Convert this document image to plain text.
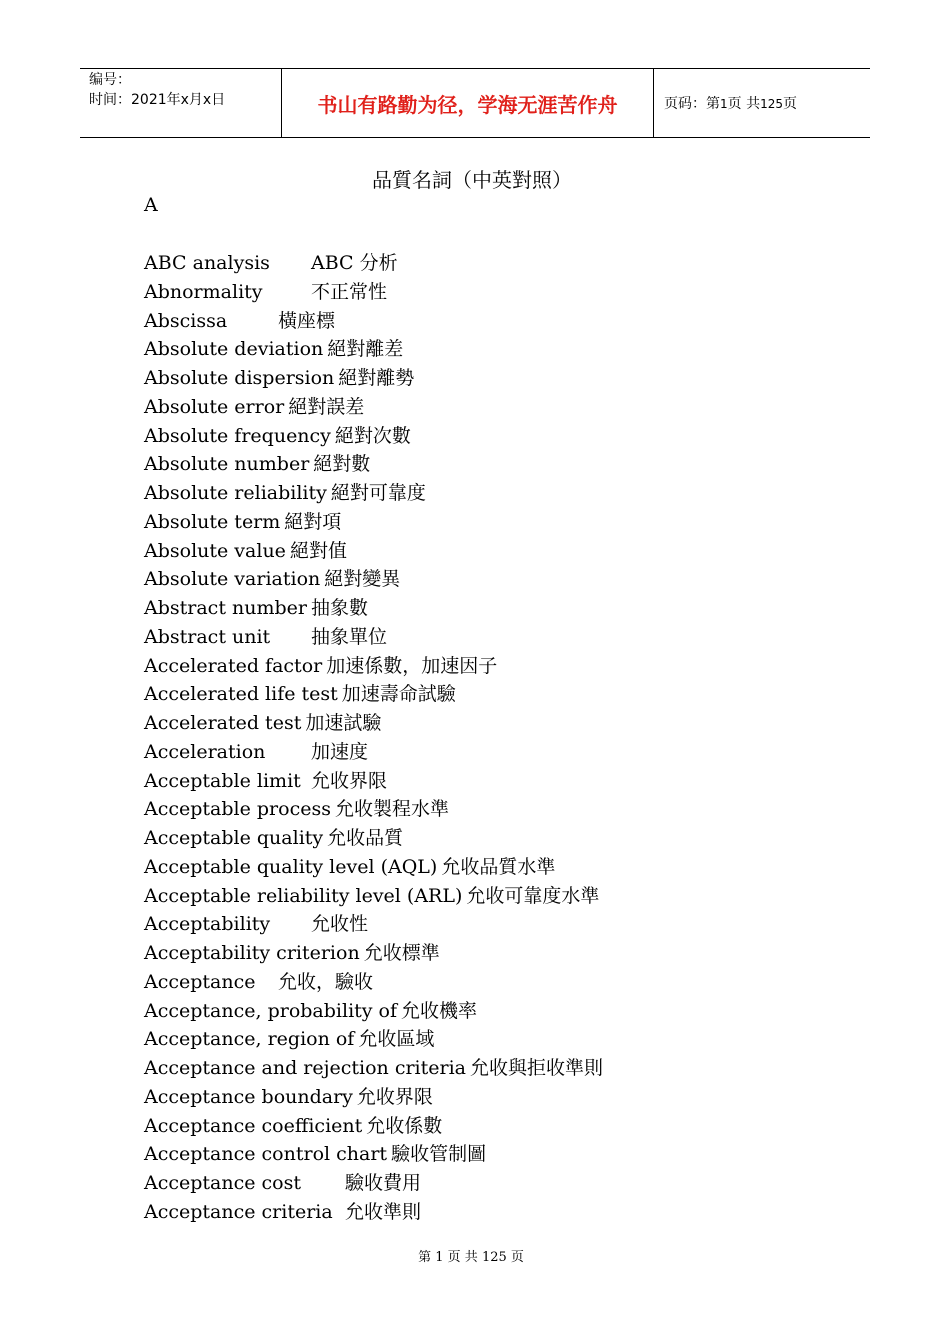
编号：
时间：2021年x月x日	书山有路勤为径，学海无涯苦作舟	页码：第1页 共125页
品質名詞（中英對照）
A
ABC analysis ABC 分析
Abnormality	不正常性
Abscissa	橫座標
Absolute deviation 絕對離差
Absolute dispersion 絕對離勢
Absolute error 絕對誤差
Absolute frequency 絕對次數
Absolute number 絕對數
Absolute reliability 絕對可靠度
Absolute term 絕對項
Absolute value 絕對值
Absolute variation 絕對變異
Abstract number 抽象數
Abstract unit 抽象單位
Accelerated factor 加速係數，加速因子
Accelerated life test 加速壽命試驗
Accelerated test 加速試驗
Acceleration 加速度
Acceptable limit 允收界限
Acceptable process 允收製程水準
Acceptable quality 允收品質
Acceptable quality level (AQL) 允收品質水準
Acceptable reliability level (ARL) 允收可靠度水準
Acceptability 允收性
Acceptability criterion 允收標準
Acceptance 允收，驗收
Acceptance, probability of 允收機率
Acceptance, region of 允收區域
Acceptance and rejection criteria 允收與拒收準則
Acceptance boundary 允收界限
Acceptance coefficient 允收係數
Acceptance control chart 驗收管制圖
Acceptance cost 驗收費用
Acceptance criteria 允收準則
第 1 页 共 125 页
